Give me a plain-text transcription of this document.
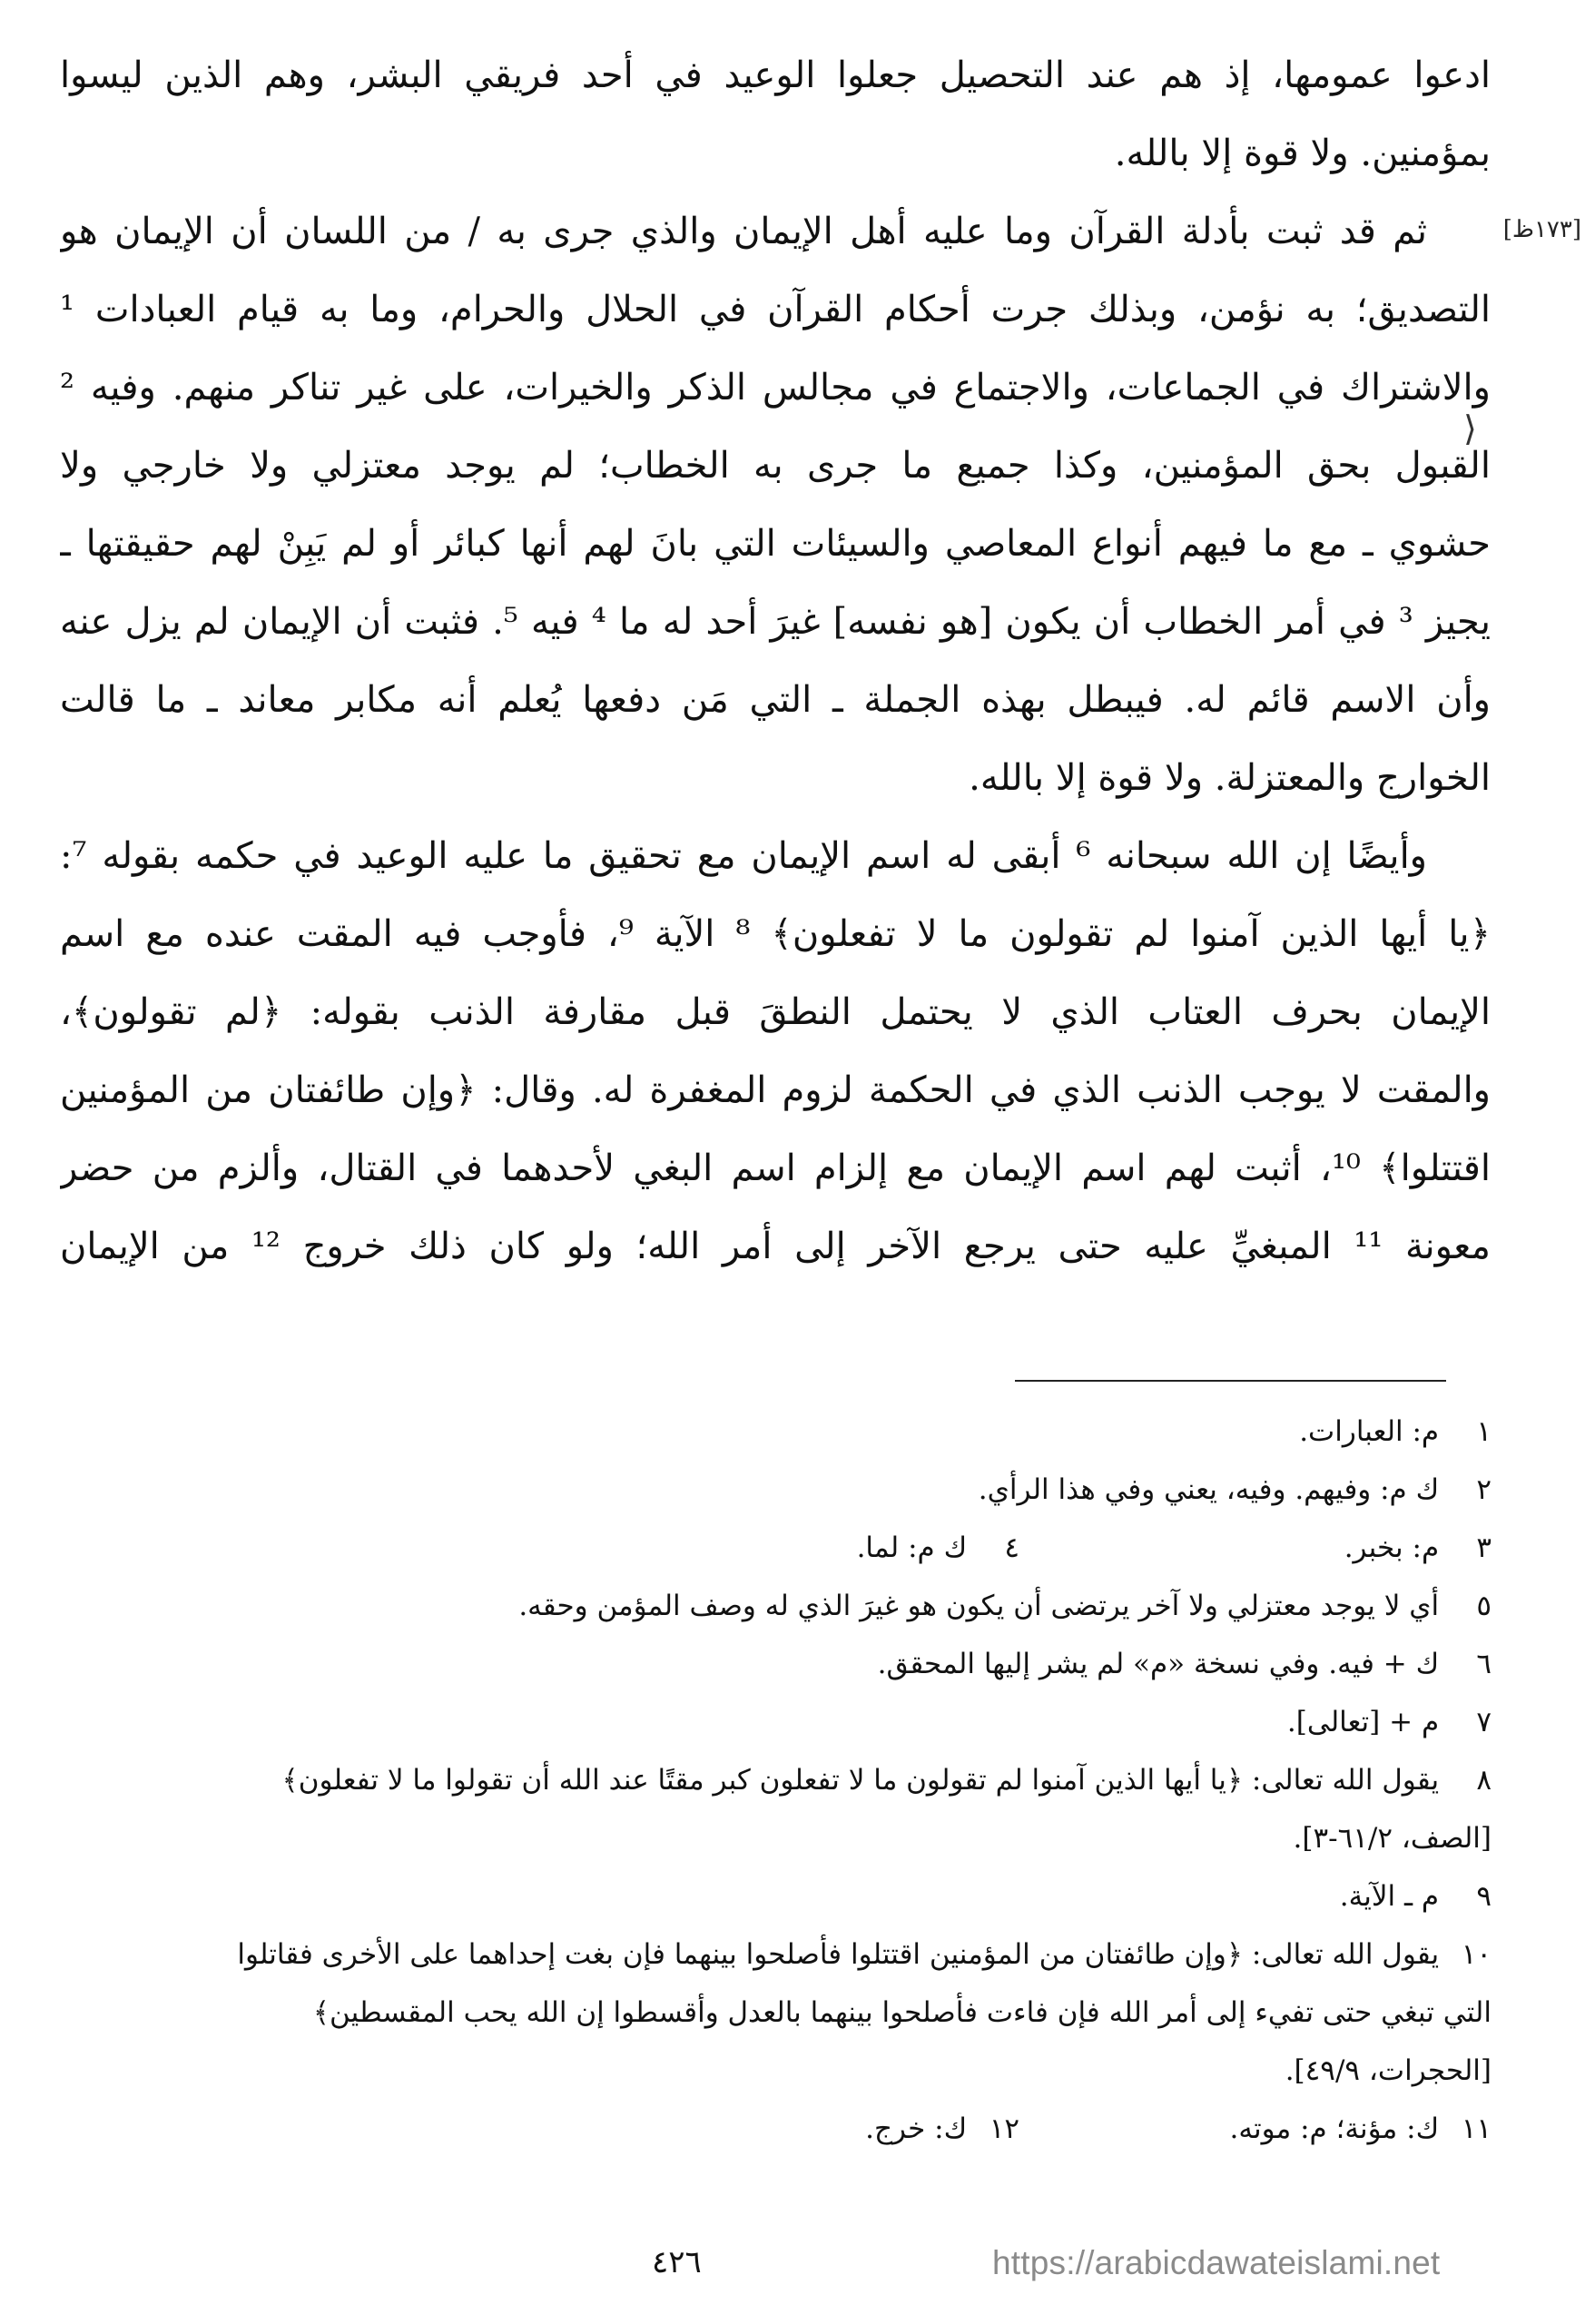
[١٧٣ظ]
⟩
ادعوا عمومها، إذ هم عند التحصيل جعلوا الوعيد في أحد فريقي البشر، وهم الذين ليسوا
بمؤمنين. ولا قوة إلا بالله.
ثم قد ثبت بأدلة القرآن وما عليه أهل الإيمان والذي جرى به / من اللسان أن الإيمان هو
التصديق؛ به نؤمن، وبذلك جرت أحكام القرآن في الحلال والحرام، وما به قيام العبادات ¹
والاشتراك في الجماعات، والاجتماع في مجالس الذكر والخيرات، على غير تناكر منهم. وفيه ²
القبول بحق المؤمنين، وكذا جميع ما جرى به الخطاب؛ لم يوجد معتزلي ولا خارجي ولا
حشوي ـ مع ما فيهم أنواع المعاصي والسيئات التي بانَ لهم أنها كبائر أو لم يَبِنْ لهم حقيقتها ـ
يجيز ³ في أمر الخطاب أن يكون [هو نفسه] غيرَ أحد له ما ⁴ فيه ⁵. فثبت أن الإيمان لم يزل عنه
وأن الاسم قائم له. فيبطل بهذه الجملة ـ التي مَن دفعها يُعلم أنه مكابر معاند ـ ما قالت
الخوارج والمعتزلة. ولا قوة إلا بالله.
وأيضًا إن الله سبحانه ⁶ أبقى له اسم الإيمان مع تحقيق ما عليه الوعيد في حكمه بقوله ⁷:
﴿يا أيها الذين آمنوا لم تقولون ما لا تفعلون﴾ ⁸ الآية ⁹، فأوجب فيه المقت عنده مع اسم
الإيمان بحرف العتاب الذي لا يحتمل النطقَ قبل مقارفة الذنب بقوله: ﴿لم تقولون﴾،
والمقت لا يوجب الذنب الذي في الحكمة لزوم المغفرة له. وقال: ﴿وإن طائفتان من المؤمنين
اقتتلوا﴾ ¹⁰، أثبت لهم اسم الإيمان مع إلزام اسم البغي لأحدهما في القتال، وألزم من حضر
معونة ¹¹ المبغيِّ عليه حتى يرجع الآخر إلى أمر الله؛ ولو كان ذلك خروج ¹² من الإيمان
١ م: العبارات.
٢ ك م: وفيهم. وفيه، يعني وفي هذا الرأي.
٣ م: بخبر.
٤ ك م: لما.
٥ أي لا يوجد معتزلي ولا آخر يرتضى أن يكون هو غيرَ الذي له وصف المؤمن وحقه.
٦ ك + فيه. وفي نسخة «م» لم يشر إليها المحقق.
٧ م + [تعالى].
٨ يقول الله تعالى: ﴿يا أيها الذين آمنوا لم تقولون ما لا تفعلون كبر مقتًا عند الله أن تقولوا ما لا تفعلون﴾
[الصف، ٦١/٢-٣].
٩ م ـ الآية.
١٠ يقول الله تعالى: ﴿وإن طائفتان من المؤمنين اقتتلوا فأصلحوا بينهما فإن بغت إحداهما على الأخرى فقاتلوا
التي تبغي حتى تفيء إلى أمر الله فإن فاءت فأصلحوا بينهما بالعدل وأقسطوا إن الله يحب المقسطين﴾
[الحجرات، ٤٩/٩].
١١ ك: مؤنة؛ م: موته.
١٢ ك: خرج.
٤٢٦	https://arabicdawateislami.net
